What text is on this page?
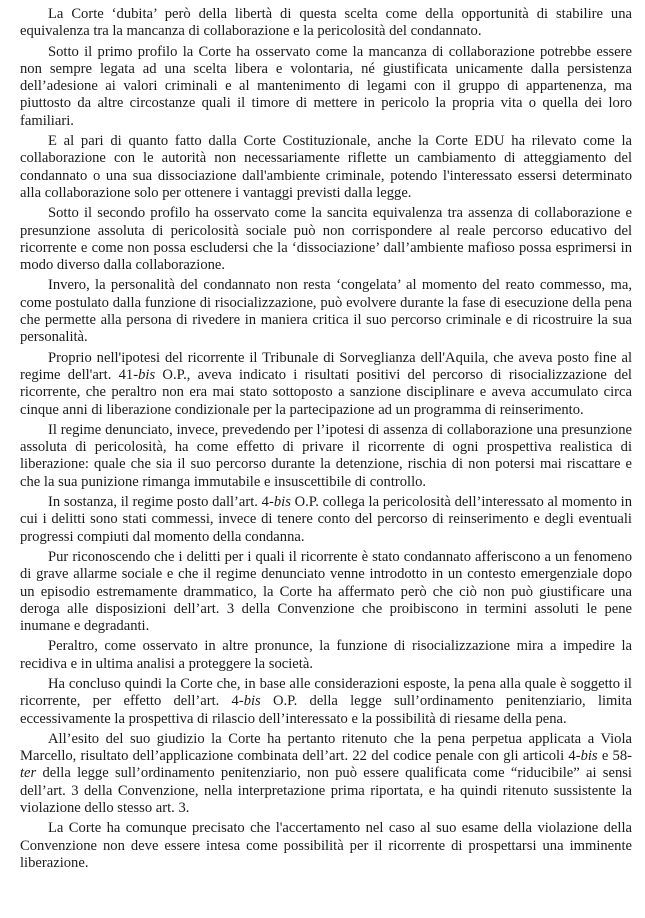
La Corte ‘dubita’ però della libertà di questa scelta come della opportunità di stabilire una equivalenza tra la mancanza di collaborazione e la pericolosità del condannato.

Sotto il primo profilo la Corte ha osservato come la mancanza di collaborazione potrebbe essere non sempre legata ad una scelta libera e volontaria, né giustificata unicamente dalla persistenza dell’adesione ai valori criminali e al mantenimento di legami con il gruppo di appartenenza, ma piuttosto da altre circostanze quali il timore di mettere in pericolo la propria vita o quella dei loro familiari.

E al pari di quanto fatto dalla Corte Costituzionale, anche la Corte EDU ha rilevato come la collaborazione con le autorità non necessariamente riflette un cambiamento di atteggiamento del condannato o una sua dissociazione dall'ambiente criminale, potendo l'interessato essersi determinato alla collaborazione solo per ottenere i vantaggi previsti dalla legge.

Sotto il secondo profilo ha osservato come la sancita equivalenza tra assenza di collaborazione e presunzione assoluta di pericolosità sociale può non corrispondere al reale percorso educativo del ricorrente e come non possa escludersi che la ‘dissociazione’ dall’ambiente mafioso possa esprimersi in modo diverso dalla collaborazione.

Invero, la personalità del condannato non resta ‘congelata’ al momento del reato commesso, ma, come postulato dalla funzione di risocializzazione, può evolvere durante la fase di esecuzione della pena che permette alla persona di rivedere in maniera critica il suo percorso criminale e di ricostruire la sua personalità.

Proprio nell'ipotesi del ricorrente il Tribunale di Sorveglianza dell'Aquila, che aveva posto fine al regime dell'art. 41-bis O.P., aveva indicato i risultati positivi del percorso di risocializzazione del ricorrente, che peraltro non era mai stato sottoposto a sanzione disciplinare e aveva accumulato circa cinque anni di liberazione condizionale per la partecipazione ad un programma di reinserimento.

Il regime denunciato, invece, prevedendo per l’ipotesi di assenza di collaborazione una presunzione assoluta di pericolosità, ha come effetto di privare il ricorrente di ogni prospettiva realistica di liberazione: quale che sia il suo percorso durante la detenzione, rischia di non potersi mai riscattare e che la sua punizione rimanga immutabile e insuscettibile di controllo.

In sostanza, il regime posto dall’art. 4-bis O.P. collega la pericolosità dell’interessato al momento in cui i delitti sono stati commessi, invece di tenere conto del percorso di reinserimento e degli eventuali progressi compiuti dal momento della condanna.

Pur riconoscendo che i delitti per i quali il ricorrente è stato condannato afferiscono a un fenomeno di grave allarme sociale e che il regime denunciato venne introdotto in un contesto emergenziale dopo un episodio estremamente drammatico, la Corte ha affermato però che ciò non può giustificare una deroga alle disposizioni dell’art. 3 della Convenzione che proibiscono in termini assoluti le pene inumane e degradanti.

Peraltro, come osservato in altre pronunce, la funzione di risocializzazione mira a impedire la recidiva e in ultima analisi a proteggere la società.

Ha concluso quindi la Corte che, in base alle considerazioni esposte, la pena alla quale è soggetto il ricorrente, per effetto dell’art. 4-bis O.P. della legge sull’ordinamento penitenziario, limita eccessivamente la prospettiva di rilascio dell’interessato e la possibilità di riesame della pena.

All’esito del suo giudizio la Corte ha pertanto ritenuto che la pena perpetua applicata a Viola Marcello, risultato dell’applicazione combinata dell’art. 22 del codice penale con gli articoli 4-bis e 58-ter della legge sull’ordinamento penitenziario, non può essere qualificata come “riducibile” ai sensi dell’art. 3 della Convenzione, nella interpretazione prima riportata, e ha quindi ritenuto sussistente la violazione dello stesso art. 3.

La Corte ha comunque precisato che l'accertamento nel caso al suo esame della violazione della Convenzione non deve essere intesa come possibilità per il ricorrente di prospettarsi una imminente liberazione.
